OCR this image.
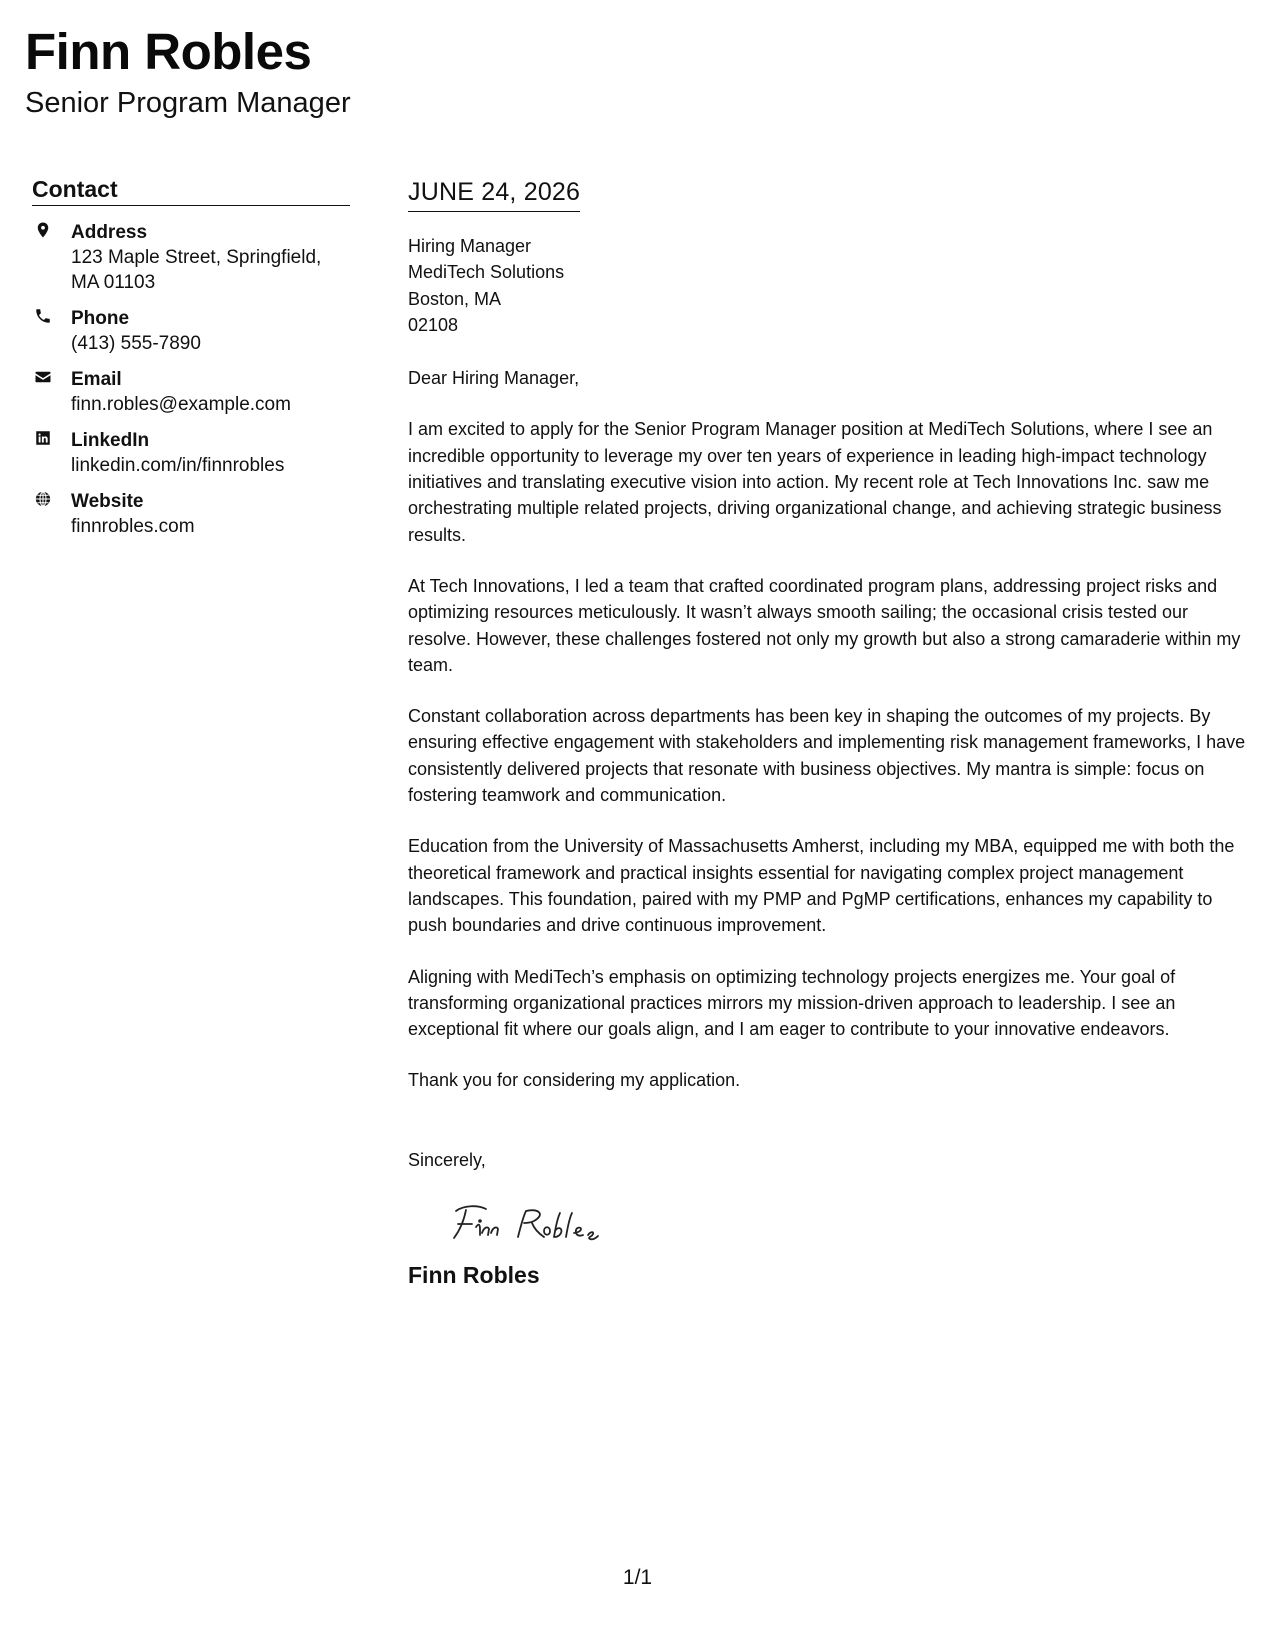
Finn Robles
Senior Program Manager
Contact
Address
123 Maple Street, Springfield, MA 01103
Phone
(413) 555-7890
Email
finn.robles@example.com
LinkedIn
linkedin.com/in/finnrobles
Website
finnrobles.com
JUNE 24, 2026
Hiring Manager
MediTech Solutions
Boston, MA
02108

Dear Hiring Manager,

I am excited to apply for the Senior Program Manager position at MediTech Solutions, where I see an incredible opportunity to leverage my over ten years of experience in leading high-impact technology initiatives and translating executive vision into action. My recent role at Tech Innovations Inc. saw me orchestrating multiple related projects, driving organizational change, and achieving strategic business results.

At Tech Innovations, I led a team that crafted coordinated program plans, addressing project risks and optimizing resources meticulously. It wasn’t always smooth sailing; the occasional crisis tested our resolve. However, these challenges fostered not only my growth but also a strong camaraderie within my team.

Constant collaboration across departments has been key in shaping the outcomes of my projects. By ensuring effective engagement with stakeholders and implementing risk management frameworks, I have consistently delivered projects that resonate with business objectives. My mantra is simple: focus on fostering teamwork and communication.

Education from the University of Massachusetts Amherst, including my MBA, equipped me with both the theoretical framework and practical insights essential for navigating complex project management landscapes. This foundation, paired with my PMP and PgMP certifications, enhances my capability to push boundaries and drive continuous improvement.

Aligning with MediTech’s emphasis on optimizing technology projects energizes me. Your goal of transforming organizational practices mirrors my mission-driven approach to leadership. I see an exceptional fit where our goals align, and I am eager to contribute to your innovative endeavors.

Thank you for considering my application.

Sincerely,

Finn Robles
1/1
